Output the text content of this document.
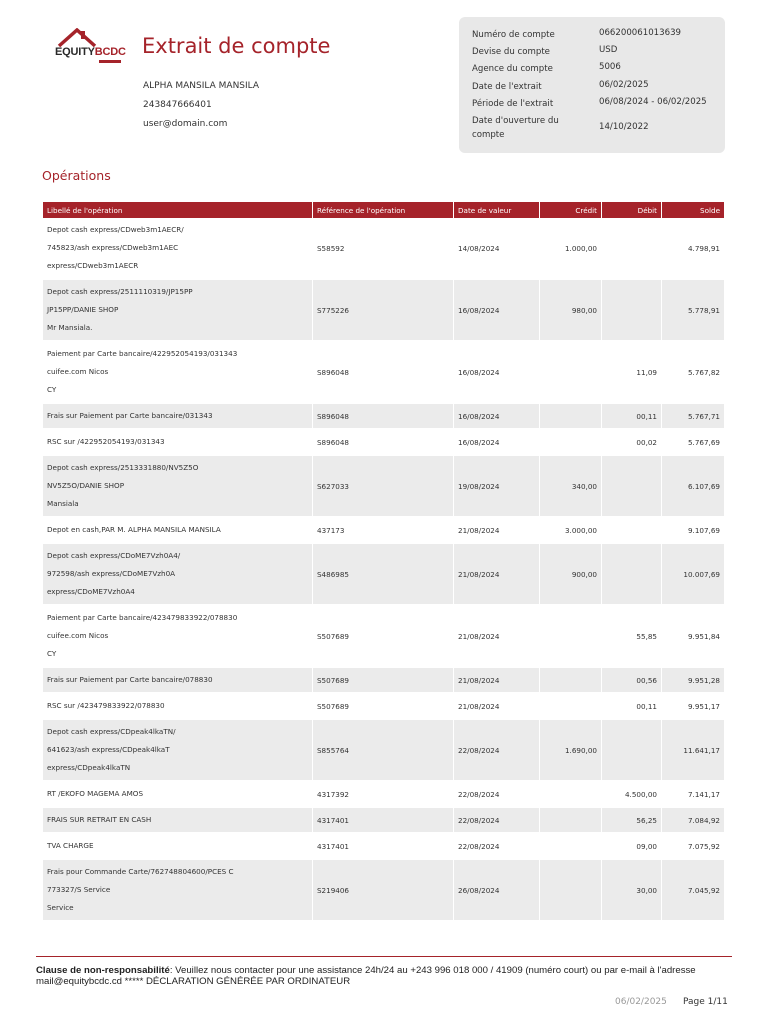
EQUITYBCDC Extrait de compte
ALPHA MANSILA MANSILA
243847666401
user@domain.com
Numéro de compte	066200061013639
Devise du compte	USD
Agence du compte	5006
Date de l'extrait	06/02/2025
Période de l'extrait	06/08/2024 - 06/02/2025
Date d'ouverture du compte
14/10/2022
Opérations
Libellé de l'opération	Référence de l'opération	Date de valeur	Crédit	Débit	Solde

Depot cash express/CDweb3m1AECR/
745823/ash express/CDweb3m1AEC
express/CDweb3m1AECR	S58592	14/08/2024	1.000,00		4.798,91

Depot cash express/2511110319/JP15PP
JP15PP/DANIE SHOP
Mr Mansiala.	S775226	16/08/2024	980,00		5.778,91

Paiement par Carte bancaire/422952054193/031343
cuifee.com Nicos
CY	S896048	16/08/2024		11,09	5.767,82

Frais sur Paiement par Carte bancaire/031343	S896048	16/08/2024		00,11	5.767,71

RSC sur /422952054193/031343	S896048	16/08/2024		00,02	5.767,69

Depot cash express/2513331880/NV5Z5O
NV5Z5O/DANIE SHOP
Mansiala	S627033	19/08/2024	340,00		6.107,69

Depot en cash,PAR M. ALPHA MANSILA MANSILA	437173	21/08/2024	3.000,00		9.107,69

Depot cash express/CDoME7Vzh0A4/
972598/ash express/CDoME7Vzh0A
express/CDoME7Vzh0A4	S486985	21/08/2024	900,00		10.007,69

Paiement par Carte bancaire/423479833922/078830
cuifee.com Nicos
CY	S507689	21/08/2024		55,85	9.951,84

Frais sur Paiement par Carte bancaire/078830	S507689	21/08/2024		00,56	9.951,28

RSC sur /423479833922/078830	S507689	21/08/2024		00,11	9.951,17

Depot cash express/CDpeak4lkaTN/
641623/ash express/CDpeak4lkaT
express/CDpeak4lkaTN	S855764	22/08/2024	1.690,00		11.641,17

RT /EKOFO MAGEMA AMOS	4317392	22/08/2024		4.500,00	7.141,17

FRAIS SUR RETRAIT EN CASH	4317401	22/08/2024		56,25	7.084,92

TVA CHARGE	4317401	22/08/2024		09,00	7.075,92

Frais pour Commande Carte/762748804600/PCES C
773327/S Service
Service	S219406	26/08/2024		30,00	7.045,92
Clause de non-responsabilité: Veuillez nous contacter pour une assistance 24h/24 au +243 996 018 000 / 41909 (numéro court) ou par e-mail à l'adresse mail@equitybcdc.cd ***** DÉCLARATION GÉNÉRÉE PAR ORDINATEUR
06/02/2025 Page 1/11
